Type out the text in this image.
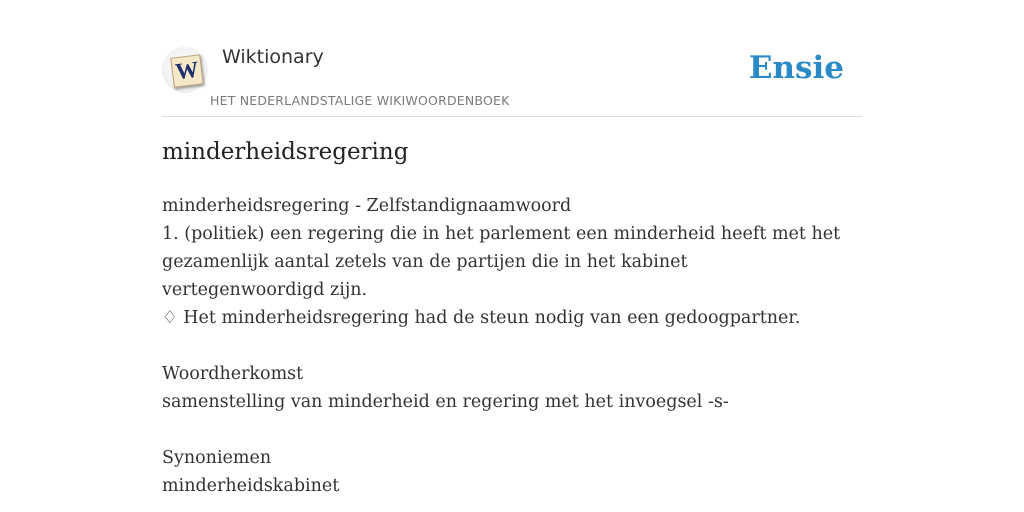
W Wiktionary
HET NEDERLANDSTALIGE WIKIWOORDENBOEK
Ensie
minderheidsregering
minderheidsregering - Zelfstandignaamwoord
1. (politiek) een regering die in het parlement een minderheid heeft met het gezamenlijk aantal zetels van de partijen die in het kabinet vertegenwoordigd zijn.
♢ Het minderheidsregering had de steun nodig van een gedoogpartner.
Woordherkomst
samenstelling van minderheid en regering met het invoegsel -s-
Synoniemen
minderheidskabinet
